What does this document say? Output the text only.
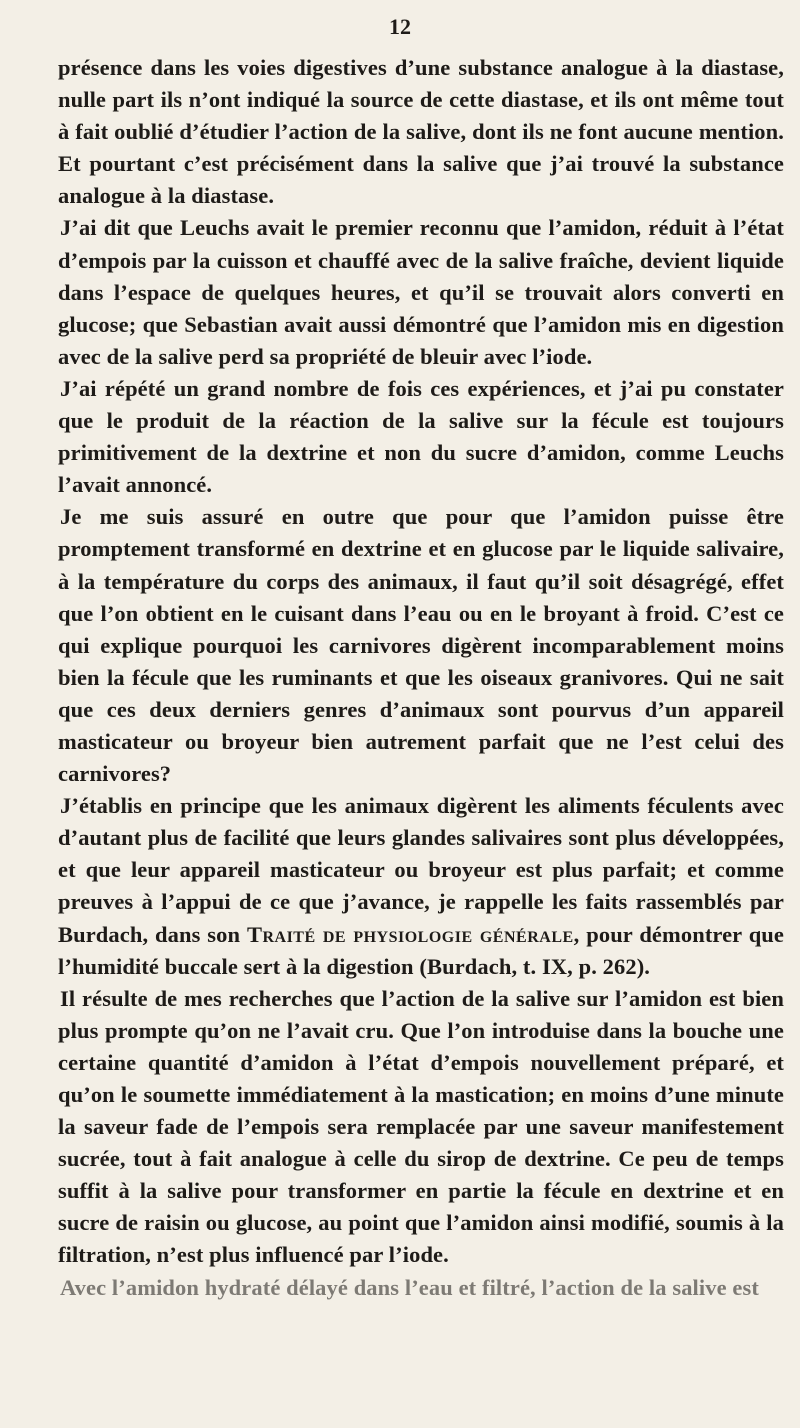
12

présence dans les voies digestives d’une substance analogue à la diastase, nulle part ils n’ont indiqué la source de cette diastase, et ils ont même tout à fait oublié d’étudier l’action de la salive, dont ils ne font aucune mention. Et pourtant c’est précisément dans la salive que j’ai trouvé la substance analogue à la diastase.

J’ai dit que Leuchs avait le premier reconnu que l’amidon, réduit à l’état d’empois par la cuisson et chauffé avec de la salive fraîche, devient liquide dans l’espace de quelques heures, et qu’il se trouvait alors converti en glucose; que Sebastian avait aussi démontré que l’amidon mis en digestion avec de la salive perd sa propriété de bleuir avec l’iode.

J’ai répété un grand nombre de fois ces expériences, et j’ai pu constater que le produit de la réaction de la salive sur la fécule est toujours primitivement de la dextrine et non du sucre d’amidon, comme Leuchs l’avait annoncé.

Je me suis assuré en outre que pour que l’amidon puisse être promptement transformé en dextrine et en glucose par le liquide salivaire, à la température du corps des animaux, il faut qu’il soit désagrégé, effet que l’on obtient en le cuisant dans l’eau ou en le broyant à froid. C’est ce qui explique pourquoi les carnivores digèrent incomparablement moins bien la fécule que les ruminants et que les oiseaux granivores. Qui ne sait que ces deux derniers genres d’animaux sont pourvus d’un appareil masticateur ou broyeur bien autrement parfait que ne l’est celui des carnivores?

J’établis en principe que les animaux digèrent les aliments féculents avec d’autant plus de facilité que leurs glandes salivaires sont plus développées, et que leur appareil masticateur ou broyeur est plus parfait; et comme preuves à l’appui de ce que j’avance, je rappelle les faits rassemblés par Burdach, dans son Traité de physiologie générale, pour démontrer que l’humidité buccale sert à la digestion (Burdach, t. IX, p. 262).

Il résulte de mes recherches que l’action de la salive sur l’amidon est bien plus prompte qu’on ne l’avait cru. Que l’on introduise dans la bouche une certaine quantité d’amidon à l’état d’empois nouvellement préparé, et qu’on le soumette immédiatement à la mastication; en moins d’une minute la saveur fade de l’empois sera remplacée par une saveur manifestement sucrée, tout à fait analogue à celle du sirop de dextrine. Ce peu de temps suffit à la salive pour transformer en partie la fécule en dextrine et en sucre de raisin ou glucose, au point que l’amidon ainsi modifié, soumis à la filtration, n’est plus influencé par l’iode.

Avec l’amidon hydraté délayé dans l’eau et filtré, l’action de la salive est
